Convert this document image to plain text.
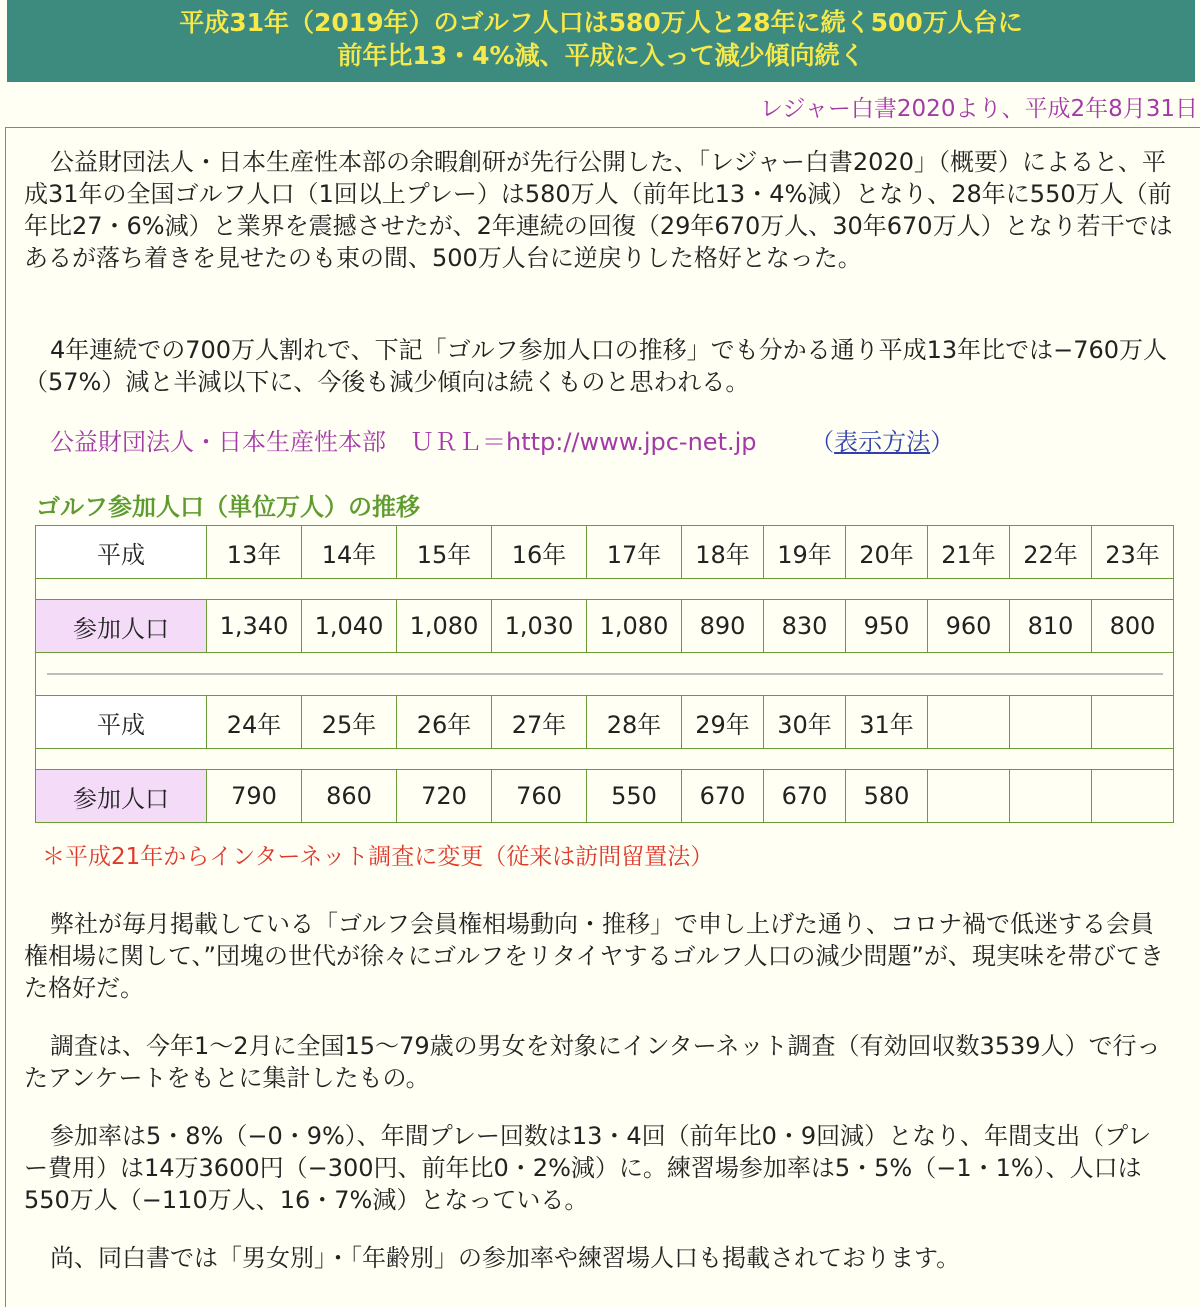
平成31年（2019年）のゴルフ人口は580万人と28年に続く500万人台に
前年比13・4%減、平成に入って減少傾向続く
レジャー白書2020より、平成2年8月31日

公益財団法人・日本生産性本部の余暇創研が先行公開した、「レジャー白書2020」（概要）によると、平成31年の全国ゴルフ人口（1回以上プレー）は580万人（前年比13・4%減）となり、28年に550万人（前年比27・6%減）と業界を震撼させたが、2年連続の回復（29年670万人、30年670万人）となり若干ではあるが落ち着きを見せたのも束の間、500万人台に逆戻りした格好となった。

4年連続での700万人割れで、下記「ゴルフ参加人口の推移」でも分かる通り平成13年比では−760万人（57%）減と半減以下に、今後も減少傾向は続くものと思われる。

公益財団法人・日本生産性本部　ＵＲＬ＝http://www.jpc-net.jp （表示方法）
ゴルフ参加人口（単位万人）の推移
平成	13年	14年	15年	16年	17年	18年	19年	20年	21年	22年	23年

参加人口	1,340	1,040	1,080	1,030	1,080	890	830	950	960	810	800

平成	24年	25年	26年	27年	28年	29年	30年	31年			

参加人口	790	860	720	760	550	670	670	580			
＊平成21年からインターネット調査に変更（従来は訪問留置法）

弊社が毎月掲載している「ゴルフ会員権相場動向・推移」で申し上げた通り、コロナ禍で低迷する会員権相場に関して、”団塊の世代が徐々にゴルフをリタイヤするゴルフ人口の減少問題”が、現実味を帯びてきた格好だ。

調査は、今年1〜2月に全国15〜79歳の男女を対象にインターネット調査（有効回収数3539人）で行ったアンケートをもとに集計したもの。

参加率は5・8%（−0・9%）、年間プレー回数は13・4回（前年比0・9回減）となり、年間支出（プレー費用）は14万3600円（−300円、前年比0・2%減）に。練習場参加率は5・5%（−1・1%）、人口は550万人（−110万人、16・7%減）となっている。

尚、同白書では「男女別」・「年齢別」の参加率や練習場人口も掲載されております。
